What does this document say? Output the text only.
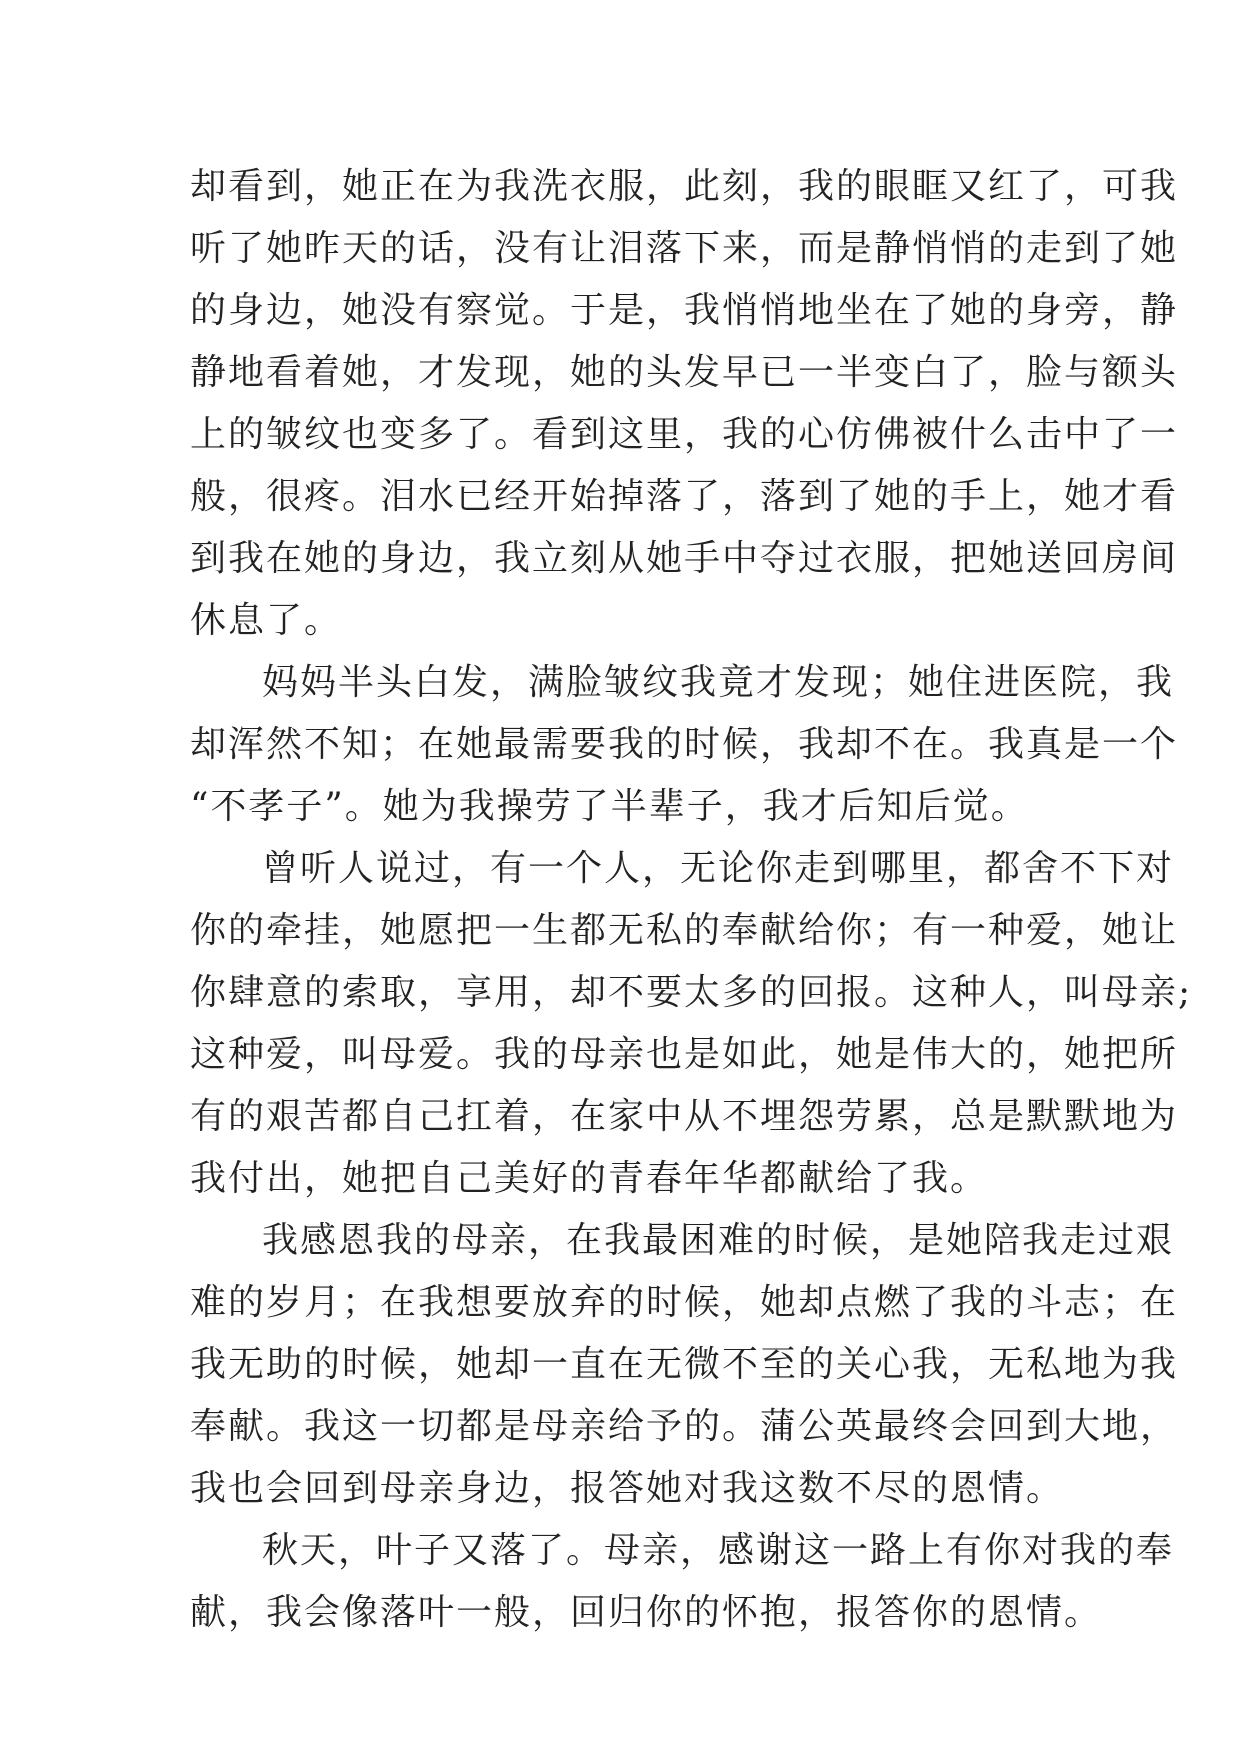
却看到，她正在为我洗衣服，此刻，我的眼眶又红了，可我
听了她昨天的话，没有让泪落下来，而是静悄悄的走到了她
的身边，她没有察觉。于是，我悄悄地坐在了她的身旁，静
静地看着她，才发现，她的头发早已一半变白了，脸与额头
上的皱纹也变多了。看到这里，我的心仿佛被什么击中了一
般，很疼。泪水已经开始掉落了，落到了她的手上，她才看
到我在她的身边，我立刻从她手中夺过衣服，把她送回房间
休息了。
妈妈半头白发，满脸皱纹我竟才发现；她住进医院，我
却浑然不知；在她最需要我的时候，我却不在。我真是一个
“不孝子”。她为我操劳了半辈子，我才后知后觉。
曾听人说过，有一个人，无论你走到哪里，都舍不下对
你的牵挂，她愿把一生都无私的奉献给你；有一种爱，她让
你肆意的索取，享用，却不要太多的回报。这种人，叫母亲;
这种爱，叫母爱。我的母亲也是如此，她是伟大的，她把所
有的艰苦都自己扛着，在家中从不埋怨劳累，总是默默地为
我付出，她把自己美好的青春年华都献给了我。
我感恩我的母亲，在我最困难的时候，是她陪我走过艰
难的岁月；在我想要放弃的时候，她却点燃了我的斗志；在
我无助的时候，她却一直在无微不至的关心我，无私地为我
奉献。我这一切都是母亲给予的。蒲公英最终会回到大地，
我也会回到母亲身边，报答她对我这数不尽的恩情。
秋天，叶子又落了。母亲，感谢这一路上有你对我的奉
献，我会像落叶一般，回归你的怀抱，报答你的恩情。
